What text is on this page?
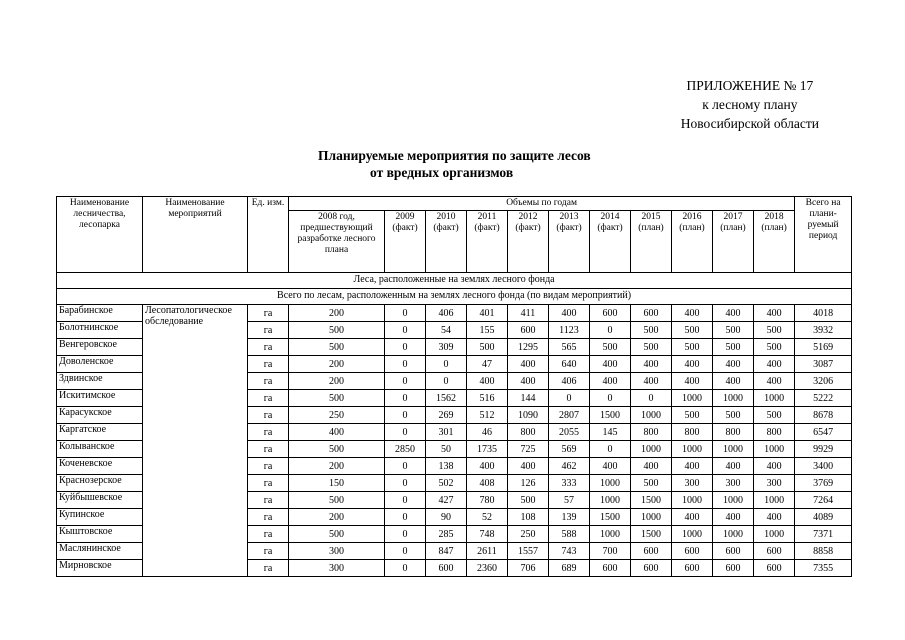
ПРИЛОЖЕНИЕ № 17
к лесному плану
Новосибирской области
Планируемые мероприятия по защите лесов
от вредных организмов
Наименование лесничества, лесопарка	Наименование мероприятий	Ед. изм.	Объемы по годам											Всего на плани-руемый период
			2008 год, предшествующий разработке лесного плана	2009 (факт)	2010 (факт)	2011 (факт)	2012 (факт)	2013 (факт)	2014 (факт)	2015 (план)	2016 (план)	2017 (план)	2018 (план)	
Леса, расположенные на землях лесного фонда														
Всего по лесам, расположенным на землях лесного фонда (по видам мероприятий)														
Барабинское	Лесопатологическое обследование	га	200	0	406	401	411	400	600	600	400	400	400	4018
Болотнинское		га	500	0	54	155	600	1123	0	500	500	500	500	3932
Венгеровское		га	500	0	309	500	1295	565	500	500	500	500	500	5169
Доволенское		га	200	0	0	47	400	640	400	400	400	400	400	3087
Здвинское		га	200	0	0	400	400	406	400	400	400	400	400	3206
Искитимское		га	500	0	1562	516	144	0	0	0	1000	1000	1000	5222
Карасукское		га	250	0	269	512	1090	2807	1500	1000	500	500	500	8678
Каргатское		га	400	0	301	46	800	2055	145	800	800	800	800	6547
Колыванское		га	500	2850	50	1735	725	569	0	1000	1000	1000	1000	9929
Коченевское		га	200	0	138	400	400	462	400	400	400	400	400	3400
Краснозерское		га	150	0	502	408	126	333	1000	500	300	300	300	3769
Куйбышевское		га	500	0	427	780	500	57	1000	1500	1000	1000	1000	7264
Купинское		га	200	0	90	52	108	139	1500	1000	400	400	400	4089
Кыштовское		га	500	0	285	748	250	588	1000	1500	1000	1000	1000	7371
Маслянинское		га	300	0	847	2611	1557	743	700	600	600	600	600	8858
Мирновское		га	300	0	600	2360	706	689	600	600	600	600	600	7355
